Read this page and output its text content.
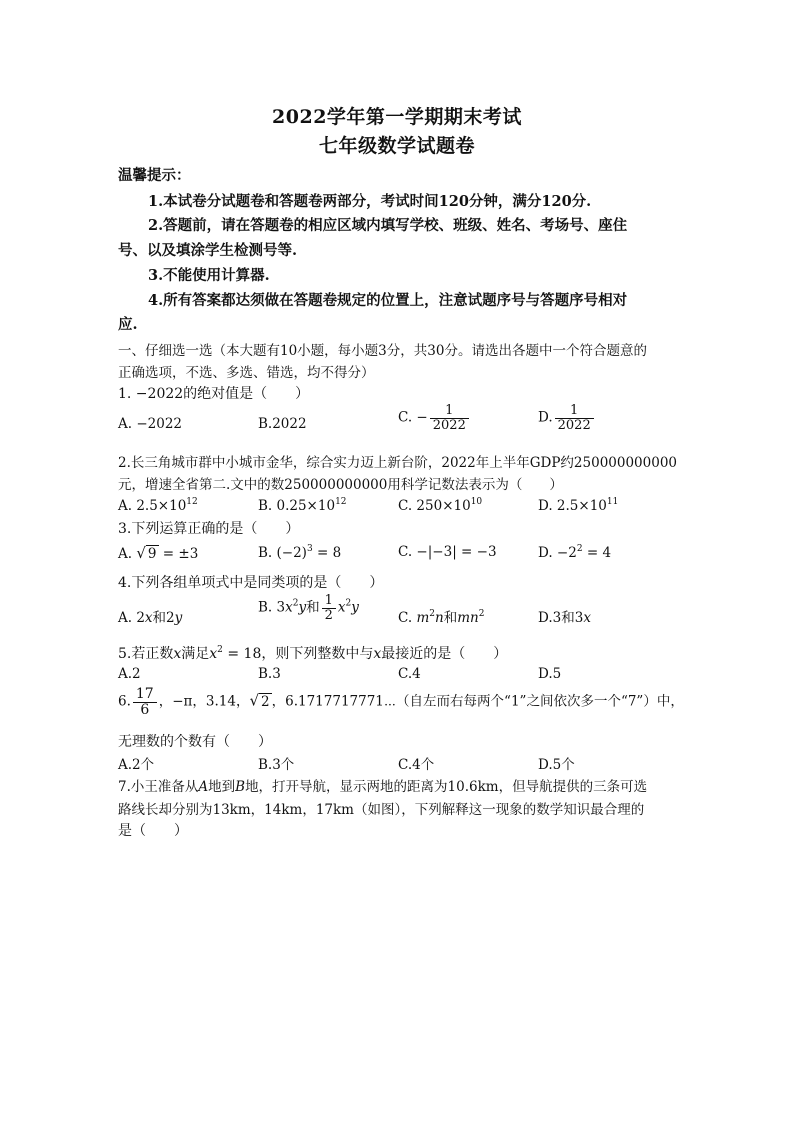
2022学年第一学期期末考试
七年级数学试题卷
温馨提示：
1.本试卷分试题卷和答题卷两部分，考试时间120分钟，满分120分.
2.答题前，请在答题卷的相应区域内填写学校、班级、姓名、考场号、座住
号、以及填涂学生检测号等.
3.不能使用计算器.
4.所有答案都达须做在答题卷规定的位置上，注意试题序号与答题序号相对
应.
一、仔细选一选（本大题有10小题，每小题3分，共30分。请选出各题中一个符合题意的
正确选项，不选、多选、错选，均不得分）
1. −2022的绝对值是（　　）
A. −2022	B.2022	C. − $\frac{1}{2022}$	D. $\frac{1}{2022}$
2.长三角城市群中小城市金华，综合实力迈上新台阶，2022年上半年GDP约250000000000
元，增速全省第二.文中的数250000000000用科学记数法表示为（　　）
A. $2.5\times 10^{12}$	B. $0.25\times 10^{12}$	C. $250\times 10^{10}$	D. $2.5\times 10^{11}$
3.下列运算正确的是（　　）
A. √ 9 = ±3	B. $(-2)^3 = 8$	C. −|−3| = −3	D. $-2^2 = 4$
4.下列各组单项式中是同类项的是（　　）
A. 2x和2y
B. $3x^2y$和 $\frac{1}{2} x^2y$
C. $m^2n$和$mn^2$	D.3和3x
5.若正数x满足$x^2 = 18$，则下列整数中与x最接近的是（　　）
A.2	B.3	C.4	D.5
6. $\frac{17}{6}$ ，−π，3.14，√ 2 ，6.1717717771⋯（自左而右每两个“1”之间依次多一个“7”）中，
无理数的个数有（　　）
A.2个	B.3个	C.4个	D.5个
7.小王准备从A地到B地，打开导航，显示两地的距离为10.6km，但导航提供的三条可选
路线长却分别为13km，14km，17km（如图），下列解释这一现象的数学知识最合理的
是（　　）
